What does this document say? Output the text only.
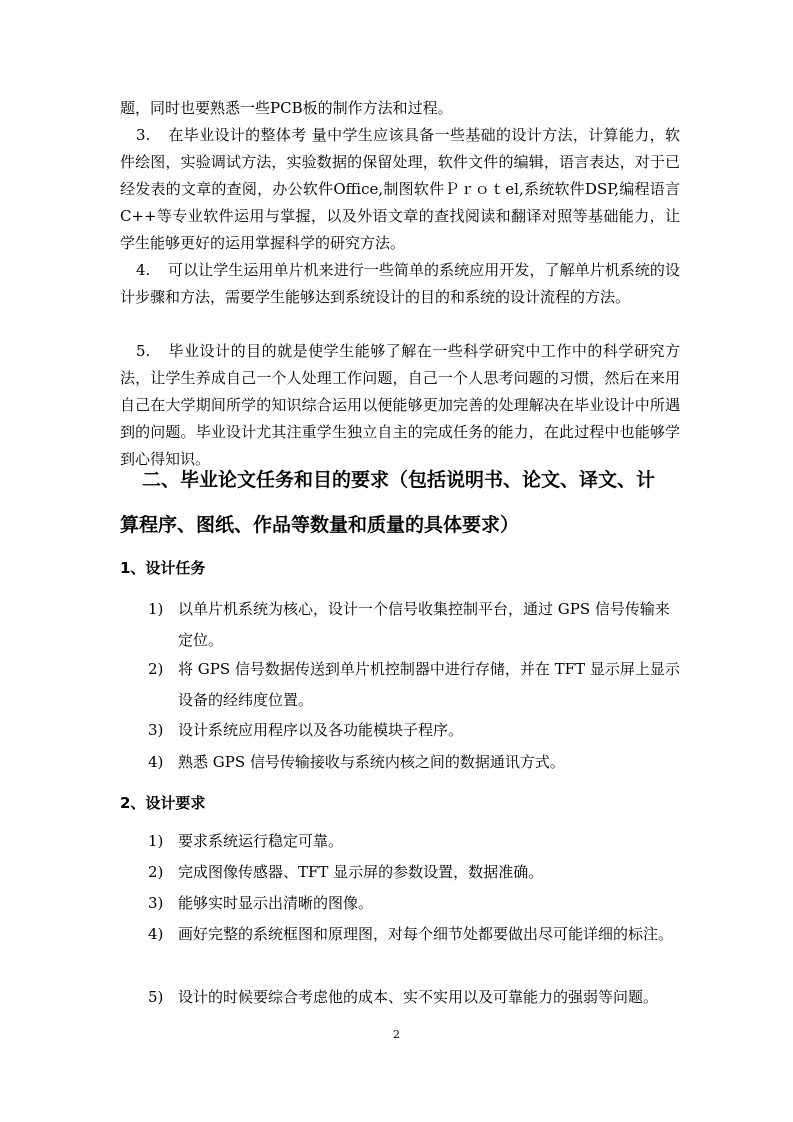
题，同时也要熟悉一些PCB板的制作方法和过程。

3. 在毕业设计的整体考 量中学生应该具备一些基础的设计方法，计算能力，软件绘图，实验调试方法，实验数据的保留处理，软件文件的编辑，语言表达，对于已经发表的文章的查阅，办公软件Office,制图软件Ｐｒｏｔel,系统软件DSP,编程语言C++等专业软件运用与掌握，以及外语文章的查找阅读和翻译对照等基础能力，让学生能够更好的运用掌握科学的研究方法。

4. 可以让学生运用单片机来进行一些简单的系统应用开发，了解单片机系统的设计步骤和方法，需要学生能够达到系统设计的目的和系统的设计流程的方法。

5. 毕业设计的目的就是使学生能够了解在一些科学研究中工作中的科学研究方法，让学生养成自己一个人处理工作问题，自己一个人思考问题的习惯，然后在来用自己在大学期间所学的知识综合运用以便能够更加完善的处理解决在毕业设计中所遇到的问题。毕业设计尤其注重学生独立自主的完成任务的能力，在此过程中也能够学到心得知识。

二、毕业论文任务和目的要求（包括说明书、论文、译文、计
算程序、图纸、作品等数量和质量的具体要求）
1、设计任务

1) 以单片机系统为核心，设计一个信号收集控制平台，通过 GPS 信号传输来定位。

2) 将 GPS 信号数据传送到单片机控制器中进行存储，并在 TFT 显示屏上显示设备的经纬度位置。

3) 设计系统应用程序以及各功能模块子程序。

4) 熟悉 GPS 信号传输接收与系统内核之间的数据通讯方式。

2、设计要求

1) 要求系统运行稳定可靠。

2) 完成图像传感器、TFT 显示屏的参数设置，数据准确。

3) 能够实时显示出清晰的图像。

4) 画好完整的系统框图和原理图，对每个细节处都要做出尽可能详细的标注。

5) 设计的时候要综合考虑他的成本、实不实用以及可靠能力的强弱等问题。

2
